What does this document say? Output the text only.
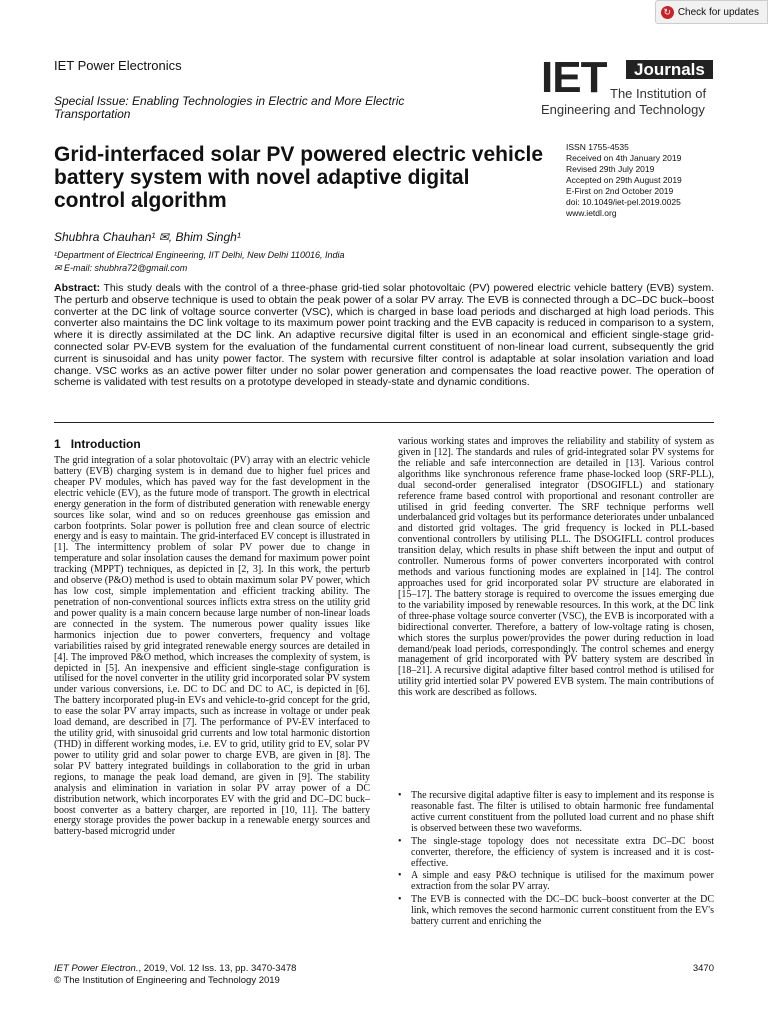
↻ Check for updates
IET Power Electronics
Special Issue: Enabling Technologies in Electric and More Electric Transportation
IET	Journals
The Institution of
Engineering and Technology
Grid-interfaced solar PV powered electric vehicle battery system with novel adaptive digital control algorithm
ISSN 1755-4535
Received on 4th January 2019
Revised 29th July 2019
Accepted on 29th August 2019
E-First on 2nd October 2019
doi: 10.1049/iet-pel.2019.0025
www.ietdl.org
Shubhra Chauhan¹ ✉, Bhim Singh¹
¹Department of Electrical Engineering, IIT Delhi, New Delhi 110016, India
✉ E-mail: shubhra72@gmail.com
Abstract: This study deals with the control of a three-phase grid-tied solar photovoltaic (PV) powered electric vehicle battery (EVB) system. The perturb and observe technique is used to obtain the peak power of a solar PV array. The EVB is connected through a DC–DC buck–boost converter at the DC link of voltage source converter (VSC), which is charged in base load periods and discharged at high load periods. This converter also maintains the DC link voltage to its maximum power point tracking and the EVB capacity is reduced in comparison to a system, where it is directly assimilated at the DC link. An adaptive recursive digital filter is used in an economical and efficient single-stage grid-connected solar PV-EVB system for the evaluation of the fundamental current constituent of non-linear load current, subsequently the grid current is sinusoidal and has unity power factor. The system with recursive filter control is adaptable at solar insolation variation and load change. VSC works as an active power filter under no solar power generation and compensates the load reactive power. The operation of scheme is validated with test results on a prototype developed in steady-state and dynamic conditions.
1 Introduction
The grid integration of a solar photovoltaic (PV) array with an electric vehicle battery (EVB) charging system is in demand due to higher fuel prices and cheaper PV modules, which has paved way for the fast development in the electric vehicle (EV), as the future mode of transport. The growth in electrical energy generation in the form of distributed generation with renewable energy sources like solar, wind and so on reduces greenhouse gas emission and carbon footprints. Solar power is pollution free and clean source of electric energy and is easy to maintain. The grid-interfaced EV concept is illustrated in [1]. The intermittency problem of solar PV power due to change in temperature and solar insolation causes the demand for maximum power point tracking (MPPT) techniques, as depicted in [2, 3]. In this work, the perturb and observe (P&O) method is used to obtain maximum solar PV power, which has low cost, simple implementation and efficient tracking ability. The penetration of non-conventional sources inflicts extra stress on the utility grid and power quality is a main concern because large number of non-linear loads are connected in the system. The numerous power quality issues like harmonics injection due to power converters, frequency and voltage variabilities raised by grid integrated renewable energy sources are detailed in [4]. The improved P&O method, which increases the complexity of system, is depicted in [5]. An inexpensive and efficient single-stage configuration is utilised for the novel converter in the utility grid incorporated solar PV system under various conversions, i.e. DC to DC and DC to AC, is depicted in [6]. The battery incorporated plug-in EVs and vehicle-to-grid concept for the grid, to ease the solar PV array impacts, such as increase in voltage or under peak load demand, are described in [7]. The performance of PV-EV interfaced to the utility grid, with sinusoidal grid currents and low total harmonic distortion (THD) in different working modes, i.e. EV to grid, utility grid to EV, solar PV power to utility grid and solar power to charge EVB, are given in [8]. The solar PV battery integrated buildings in collaboration to the grid in urban regions, to manage the peak load demand, are given in [9]. The stability analysis and elimination in variation in solar PV array power of a DC distribution network, which incorporates EV with the grid and DC–DC buck–boost converter as a battery charger, are reported in [10, 11]. The battery energy storage provides the power backup in a renewable energy sources and battery-based microgrid under
various working states and improves the reliability and stability of system as given in [12]. The standards and rules of grid-integrated solar PV systems for the reliable and safe interconnection are detailed in [13]. Various control algorithms like synchronous reference frame phase-locked loop (SRF-PLL), dual second-order generalised integrator (DSOGIFLL) and stationary reference frame based control with proportional and resonant controller are utilised in grid feeding converter. The SRF technique performs well underbalanced grid voltages but its performance deteriorates under unbalanced and distorted grid voltages. The grid frequency is locked in PLL-based conventional controllers by utilising PLL. The DSOGIFLL control produces transition delay, which results in phase shift between the input and output of controller. Numerous forms of power converters incorporated with control methods and various functioning modes are explained in [14]. The control approaches used for grid incorporated solar PV structure are elaborated in [15–17]. The battery storage is required to overcome the issues emerging due to the variability imposed by renewable resources. In this work, at the DC link of three-phase voltage source converter (VSC), the EVB is incorporated with a bidirectional converter. Therefore, a battery of low-voltage rating is chosen, which stores the surplus power/provides the power during reduction in load demand/peak load periods, correspondingly. The control schemes and energy management of grid incorporated with PV battery system are described in [18–21]. A recursive digital adaptive filter based control method is utilised for utility grid intertied solar PV powered EVB system. The main contributions of this work are described as follows.
• The recursive digital adaptive filter is easy to implement and its response is reasonable fast. The filter is utilised to obtain harmonic free fundamental active current constituent from the polluted load current and no phase shift is observed between these two waveforms.
• The single-stage topology does not necessitate extra DC–DC boost converter, therefore, the efficiency of system is increased and it is cost-effective.
• A simple and easy P&O technique is utilised for the maximum power extraction from the solar PV array.
• The EVB is connected with the DC–DC buck–boost converter at the DC link, which removes the second harmonic current constituent from the EV's battery current and enriching the
IET Power Electron., 2019, Vol. 12 Iss. 13, pp. 3470-3478
© The Institution of Engineering and Technology 2019
3470
